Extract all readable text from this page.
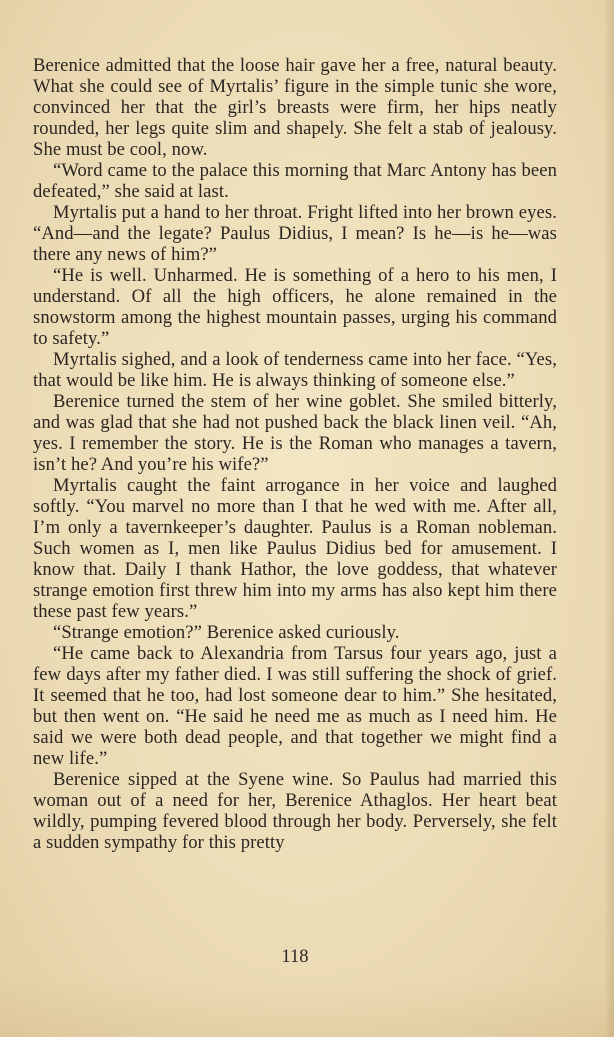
Berenice admitted that the loose hair gave her a free, natural beauty. What she could see of Myrtalis’ figure in the simple tunic she wore, convinced her that the girl’s breasts were firm, her hips neatly rounded, her legs quite slim and shapely. She felt a stab of jealousy. She must be cool, now.

“Word came to the palace this morning that Marc Antony has been defeated,” she said at last.

Myrtalis put a hand to her throat. Fright lifted into her brown eyes. “And—and the legate? Paulus Didius, I mean? Is he—is he—was there any news of him?”

“He is well. Unharmed. He is something of a hero to his men, I understand. Of all the high officers, he alone remained in the snowstorm among the highest mountain passes, urging his command to safety.”

Myrtalis sighed, and a look of tenderness came into her face. “Yes, that would be like him. He is always thinking of someone else.”

Berenice turned the stem of her wine goblet. She smiled bitterly, and was glad that she had not pushed back the black linen veil. “Ah, yes. I remember the story. He is the Roman who manages a tavern, isn’t he? And you’re his wife?”

Myrtalis caught the faint arrogance in her voice and laughed softly. “You marvel no more than I that he wed with me. After all, I’m only a tavernkeeper’s daughter. Paulus is a Roman nobleman. Such women as I, men like Paulus Didius bed for amusement. I know that. Daily I thank Hathor, the love goddess, that whatever strange emotion first threw him into my arms has also kept him there these past few years.”

“Strange emotion?” Berenice asked curiously.

“He came back to Alexandria from Tarsus four years ago, just a few days after my father died. I was still suffering the shock of grief. It seemed that he too, had lost someone dear to him.” She hesitated, but then went on. “He said he need me as much as I need him. He said we were both dead people, and that together we might find a new life.”

Berenice sipped at the Syene wine. So Paulus had married this woman out of a need for her, Berenice Athaglos. Her heart beat wildly, pumping fevered blood through her body. Perversely, she felt a sudden sympathy for this pretty

118
